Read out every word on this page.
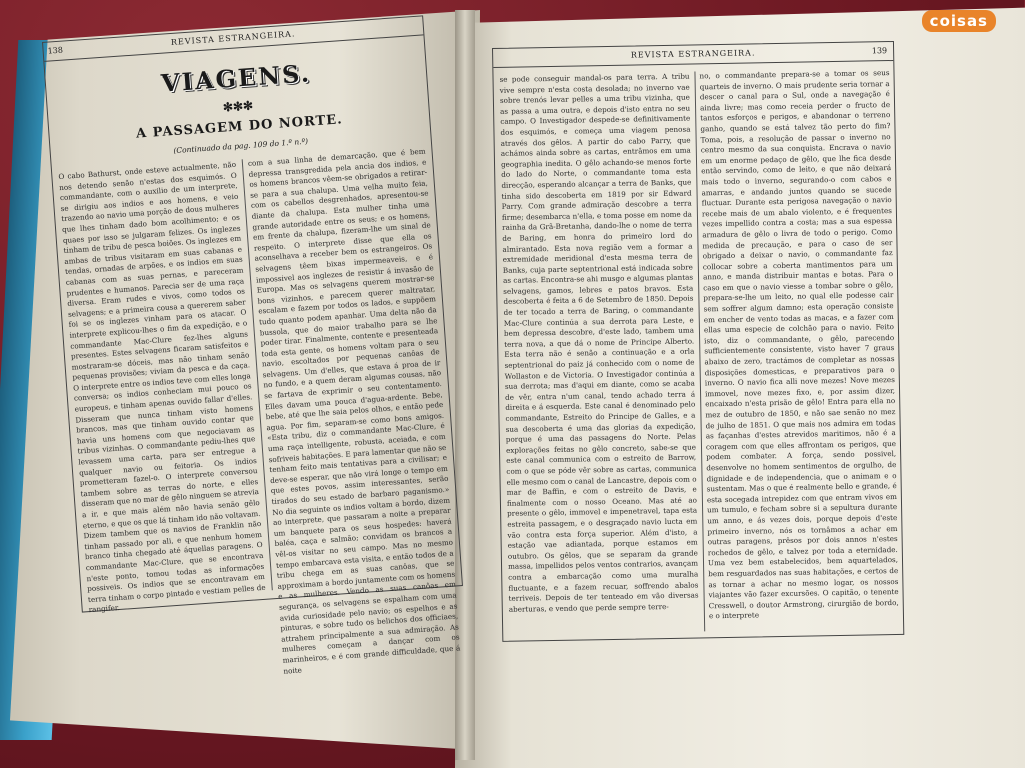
coisas
138
REVISTA ESTRANGEIRA.
VIAGENS.
✻✻✻
A PASSAGEM DO NORTE.
(Continuado da pag. 109 do 1.º n.º)
O cabo Bathurst, onde esteve actualmente, não nos detendo senão n'estas dos esquimós. O commandante, com o auxilio de um interprete, se dirigiu aos indios e aos homens, e veio trazendo ao navio uma porção de dous mulheres que lhes tinham dado bom acolhimento; e os quaes por isso se julgaram felizes. Os inglezes tinham de tribu de pesca boiões. Os inglezes em ambas de tribus visitaram em suas cabanas e tendas, ornadas de arpões, e os indios em suas cabanas com as suas pernas, e pareceram prudentes e humanos. Parecia ser de uma raça diversa. Eram rudes e vivos, como todos os selvagens; e a primeira cousa a quererem saber foi se os inglezes vinham para os atacar. O interprete explicou-lhes o fim da expedição, e o commandante Mac-Clure fez-lhes alguns presentes. Estes selvagens ficaram satisfeitos e mostraram-se dóceis, mas não tinham senão pequenas provisões; viviam da pesca e da caça. O interprete entre os indios teve com elles longa conversa; os indios conheciam mui pouco os europeus, e tinham apenas ouvido fallar d'elles. Disseram que nunca tinham visto homens brancos, mas que tinham ouvido contar que havia uns homens com que negociavam as tribus vizinhas. O commandante pediu-lhes que levassem uma carta, para ser entregue a qualquer navio ou feitoria. Os indios prometteram fazel-o. O interprete conversou tambem sobre as terras do norte, e elles disseram que no mar de gêlo ninguem se atrevia a ir, e que mais além não havia senão gêlo eterno, e que os que lá tinham ido não voltavam. Dizem tambem que os navios de Franklin não tinham passado por ali, e que nenhum homem branco tinha chegado até áquellas paragens. O commandante Mac-Clure, que se encontrava n'este ponto, tomou todas as informações possiveis. Os indios que se encontravam em terra tinham o corpo pintado e vestiam pelles de rangifer.
com a sua linha de demarcação, que é bem depressa transgredida pela ancia dos indios, e os homens brancos vêem-se obrigados a retirar-se para a sua chalupa. Uma velha muito feia, com os cabellos desgrenhados, apresentou-se diante da chalupa. Esta mulher tinha uma grande autoridade entre os seus; e os homens, em frente da chalupa, fizeram-lhe um sinal de respeito. O interprete disse que ella os aconselhava a receber bem os estrangeiros. Os selvagens têem bixas impermeaveis, e é impossivel aos inglezes de resistir á invasão de Europa. Mas os selvagens querem mostrar-se bons vizinhos, e parecem querer maltratar, escalam e fazem por todos os lados, e suppõem tudo quanto podem apanhar. Uma delta não da bussola, que do maior trabalho para se lhe poder tirar. Finalmente, contente e presenteada toda esta gente, os homens voltam para o seu navio, escoltados por pequenas canôas de selvagens. Um d'elles, que estava á proa de ir no fundo, e a quem deram algumas cousas, não se fartava de exprimir o seu contentamento. Elles davam uma pouca d'agua-ardente. Bebe, bebe, até que lhe saia pelos olhos, e então pede agua. Por fim, separam-se como bons amigos. «Esta tribu, diz o commandante Mac-Clure, é uma raça intelligente, robusta, aceiada, e com sofriveis habitações. E para lamentar que não se tenham feito mais tentativas para a civilisar; e deve-se esperar, que não virá longe o tempo em que estes povos, assim interessantes, serão tirados do seu estado de barbaro paganismo.» No dia seguinte os indios voltam a bordo, dizem ao interprete, que passaram a noite a preparar um banquete para os seus hospedes: haverá baléa, caça e salmão; convidam os brancos a vêl-os visitar no seu campo. Mas no mesmo tempo embarcava esta visita, e então todos de a tribu chega em as suas canôas, que se approximam a bordo juntamente com os homens e as mulheres. Vendo as suas canôas em segurança, os selvagens se espalham com uma avida curiosidade pelo navio; os espelhos e as pinturas, e sobre tudo os belichos dos officiaes, attrahem principalmente a sua admiração. As mulheres começam a dançar com os marinheiros, e é com grande difficuldade, que á noite
REVISTA ESTRANGEIRA.	139
se pode conseguir mandal-os para terra. A tribu vive sempre n'esta costa desolada; no inverno vae sobre trenós levar pelles a uma tribu vizinha, que as passa a uma outra, e depois d'isto entra no seu campo. O Investigador despede-se definitivamente dos esquimós, e começa uma viagem penosa através dos gêlos. A partir do cabo Parry, que achámos ainda sobre as cartas, entrâmos em uma geographia inedita. O gêlo achando-se menos forte do lado do Norte, o commandante toma esta direcção, esperando alcançar a terra de Banks, que tinha sido descoberta em 1819 por sir Edward Parry. Com grande admiração descobre a terra firme; desembarca n'ella, e toma posse em nome da rainha da Grã-Bretanha, dando-lhe o nome de terra de Baring, em honra do primeiro lord do almirantado. Esta nova região vem a formar a extremidade meridional d'esta mesma terra de Banks, cuja parte septentrional está indicada sobre as cartas. Encontra-se ahi musgo e algumas plantas selvagens, gamos, lebres e patos bravos. Esta descoberta é feita a 6 de Setembro de 1850. Depois de ter tocado a terra de Baring, o commandante Mac-Clure continúa a sua derrota para Leste, e bem depressa descobre, d'este lado, tambem uma terra nova, a que dá o nome de Principe Alberto. Esta terra não é senão a continuação e a orla septentrional do paiz já conhecido com o nome de Wollaston e de Victoria. O Investigador continúa a sua derrota; mas d'aqui em diante, como se acaba de vêr, entra n'um canal, tendo achado terra á direita e á esquerda. Este canal é denominado pelo commandante, Estreito do Principe de Galles, e a sua descoberta é uma das glorias da expedição, porque é uma das passagens do Norte. Pelas explorações feitas no gêlo concreto, sabe-se que este canal communica com o estreito de Barrow, com o que se póde vêr sobre as cartas, communica elle mesmo com o canal de Lancastre, depois com o mar de Baffin, e com o estreito de Davis, e finalmente com o nosso Oceano. Mas até ao presente o gêlo, immovel e impenetravel, tapa esta estreita passagem, e o desgraçado navio lucta em vão contra esta força superior. Além d'isto, a estação vae adiantada, porque estamos em outubro. Os gêlos, que se separam da grande massa, impellidos pelos ventos contrarios, avançam contra a embarcação como uma muralha fluctuante, e a fazem recuar, soffrendo abalos terriveis. Depois de ter tenteado em vão diversas aberturas, e vendo que perde sempre terre-
no, o commandante prepara-se a tomar os seus quarteis de inverno. O mais prudente seria tornar a descer o canal para o Sul, onde a navegação é ainda livre; mas como receia perder o fructo de tantos esforços e perigos, e abandonar o terreno ganho, quando se está talvez tão perto do fim? Toma, pois, a resolução de passar o inverno no centro mesmo da sua conquista. Encrava o navio em um enorme pedaço de gêlo, que lhe fica desde então servindo, como de leito, e que não deixará mais todo o inverno, segurando-o com cabos e amarras, e andando juntos quando se sucede fluctuar. Durante esta perigosa navegação o navio recebe mais de um abalo violento, e é frequentes vezes impellido contra a costa; mas a sua espessa armadura de gêlo o livra de todo o perigo. Como medida de precaução, e para o caso de ser obrigado a deixar o navio, o commandante faz collocar sobre a coberta mantimentos para um anno, e manda distribuir mantas e botas. Para o caso em que o navio viesse a tombar sobre o gêlo, prepara-se-lhe um leito, no qual elle podesse cair sem soffrer algum damno; esta operação consiste em encher de vento todas as macas, e a fazer com ellas uma especie de colchão para o navio. Feito isto, diz o commandante, o gêlo, parecendo sufficientemente consistente, visto haver 7 graus abaixo de zero, tractámos de completar as nossas disposições domesticas, e preparativos para o inverno. O navio fica alli nove mezes! Nove mezes immovel, nove mezes fixo, e, por assim dizer, encaixado n'esta prisão de gêlo! Entra para ella no mez de outubro de 1850, e não sae senão no mez de julho de 1851. O que mais nos admira em todas as façanhas d'estes atrevidos maritimos, não é a coragem com que elles affrontam os perigos, que podem combater. A força, sendo possivel, desenvolve no homem sentimentos de orgulho, de dignidade e de independencia, que o animam e o sustentam. Mas o que é realmente bello e grande, é esta socegada intrepidez com que entram vivos em um tumulo, e fecham sobre si a sepultura durante um anno, e ás vezes dois, porque depois d'este primeiro inverno, nós os tornâmos a achar em outras paragens, prêsos por dois annos n'estes rochedos de gêlo, e talvez por toda a eternidade. Uma vez bem estabelecidos, bem aquartelados, bem resguardados nas suas habitações, e certos de as tornar a achar no mesmo logar, os nossos viajantes vão fazer excursões. O capitão, o tenente Cresswell, o doutor Armstrong, cirurgião de bordo, e o interprete
